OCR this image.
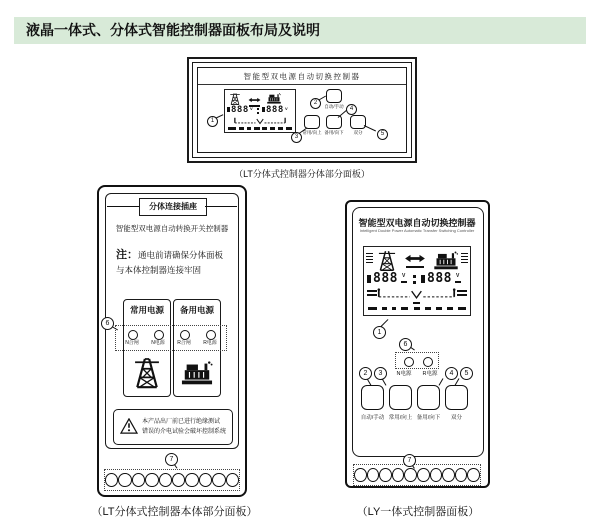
液晶一体式、分体式智能控制器面板布局及说明
智能型双电源自动切换控制器
888 V 888 V
1
2
自动/手动
3
4
5
常用/向上 备用/向下	双分
（LT分体式控制器分体部分面板）
分体连接插座
智能型双电源自动转换开关控制器
注：通电前请确保分体面板与本体控制器连接牢固
常用电源	备用电源
N合闸	N电源	R合闸	R电源
6
本产品出厂前已进行绝缘测试
错误的介电试验会破坏控制系统
7
（LT分体式控制器本体部分面板）
智能型双电源自动切换控制器
Intelligent Double Power Automatic Transfer Switching Controller
888 V 888 V
1
6
N电源	R电源
2	3	4	5
自动/手动 常用/向上 备用/向下	双分
7
（LY一体式控制器面板）
